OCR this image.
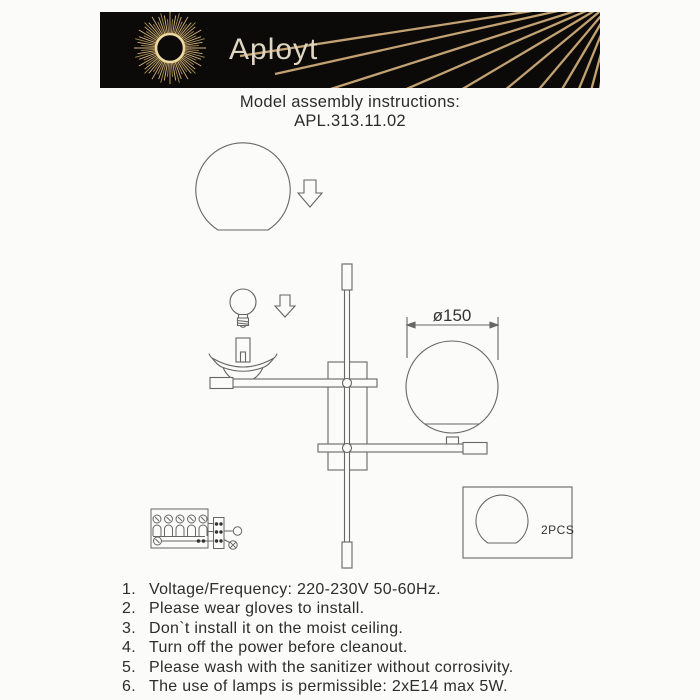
Aployt
Model assembly instructions:
APL.313.11.02
ø150
2PCS
1. Voltage/Frequency: 220-230V 50-60Hz.
2. Please wear gloves to install.
3. Don`t install it on the moist ceiling.
4. Turn off the power before cleanout.
5. Please wash with the sanitizer without corrosivity.
6. The use of lamps is permissible: 2xE14 max 5W.
